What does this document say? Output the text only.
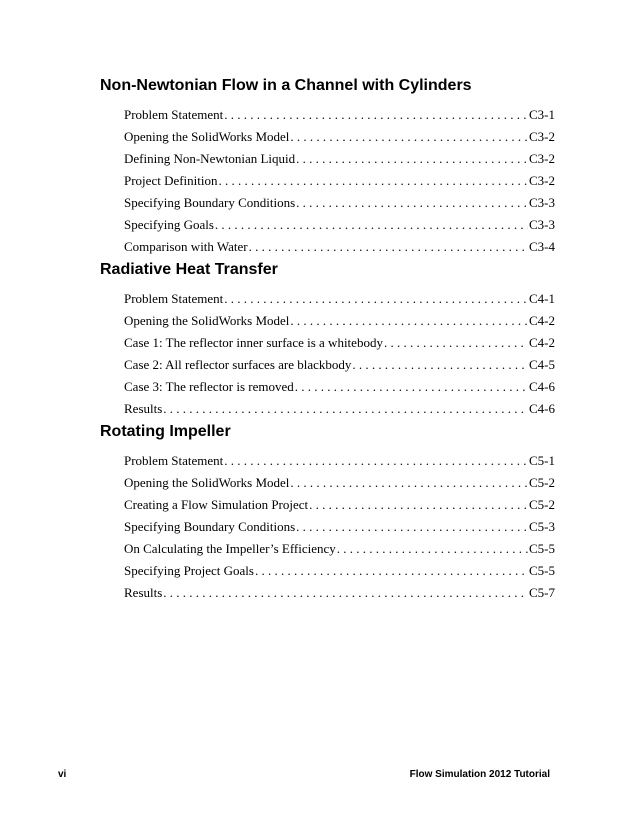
Non-Newtonian Flow in a Channel with Cylinders
Problem Statement . . .	C3-1
Opening the SolidWorks Model . . .	C3-2
Defining Non-Newtonian Liquid . . .	C3-2
Project Definition . . .	C3-2
Specifying Boundary Conditions . . .	C3-3
Specifying Goals . . .	C3-3
Comparison with Water . . .	C3-4
Radiative Heat Transfer
Problem Statement . . .	C4-1
Opening the SolidWorks Model . . .	C4-2
Case 1: The reflector inner surface is a whitebody . . .	C4-2
Case 2: All reflector surfaces are blackbody . . .	C4-5
Case 3: The reflector is removed . . .	C4-6
Results . . .	C4-6
Rotating Impeller
Problem Statement . . .	C5-1
Opening the SolidWorks Model . . .	C5-2
Creating a Flow Simulation Project . . .	C5-2
Specifying Boundary Conditions . . .	C5-3
On Calculating the Impeller’s Efficiency . . .	C5-5
Specifying Project Goals . . .	C5-5
Results . . .	C5-7
vi	Flow Simulation 2012 Tutorial
